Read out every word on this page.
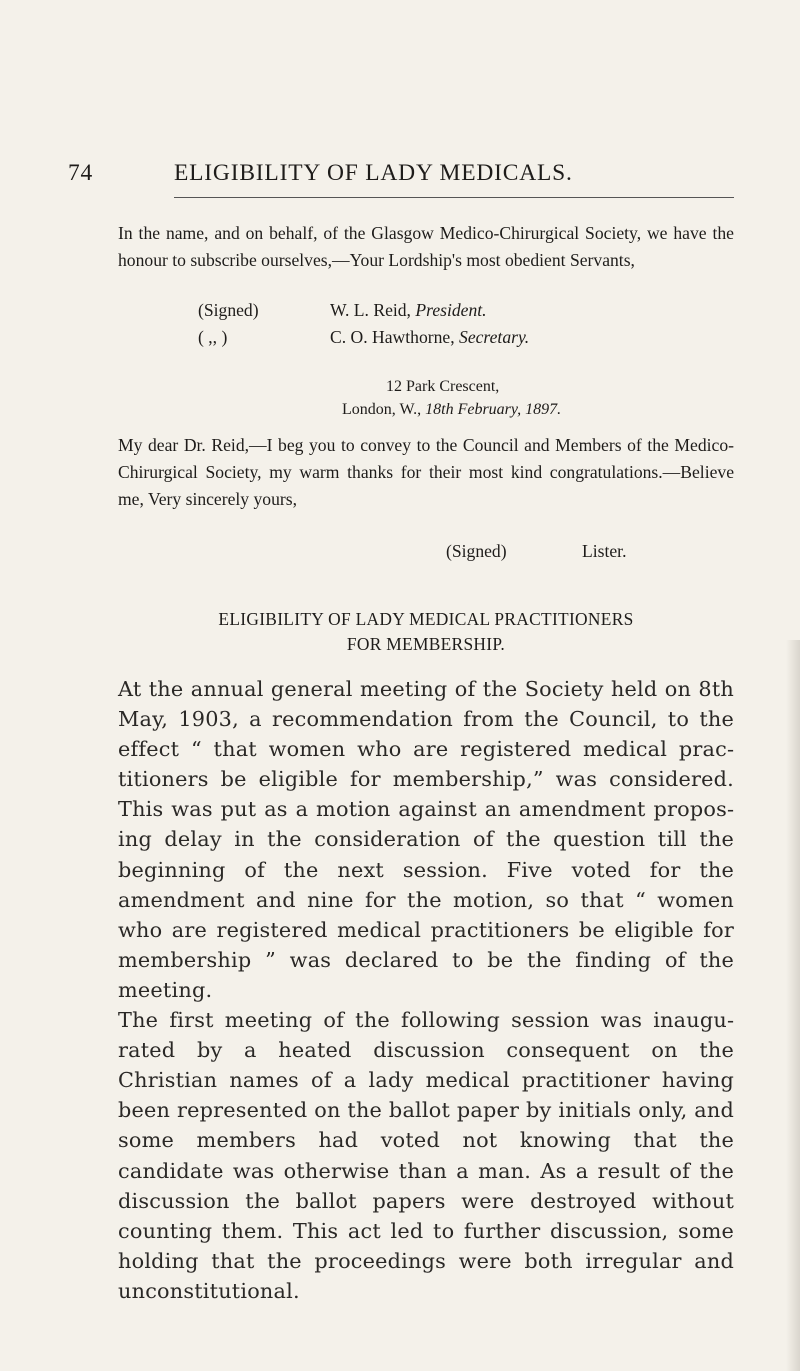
74	ELIGIBILITY OF LADY MEDICALS.

In the name, and on behalf, of the Glasgow Medico-Chirurgical Society, we have the honour to subscribe ourselves,—Your Lordship's most obedient Servants,

(Signed)	W. L. Reid, President.
( ,, )	C. O. Hawthorne, Secretary.
12 Park Crescent,
London, W., 18th February, 1897.

My dear Dr. Reid,—I beg you to convey to the Council and Members of the Medico-Chirurgical Society, my warm thanks for their most kind congratulations.—Believe me, Very sincerely yours,

(Signed)	Lister.
ELIGIBILITY OF LADY MEDICAL PRACTITIONERS
FOR MEMBERSHIP.

At the annual general meeting of the Society held on 8th May, 1903, a recommendation from the Council, to the effect “ that women who are registered medical practitioners be eligible for membership,” was considered. This was put as a motion against an amendment proposing delay in the consideration of the question till the beginning of the next session. Five voted for the amendment and nine for the motion, so that “ women who are registered medical practitioners be eligible for membership ” was declared to be the finding of the meeting.

The first meeting of the following session was inaugurated by a heated discussion consequent on the Christian names of a lady medical practitioner having been represented on the ballot paper by initials only, and some members had voted not knowing that the candidate was otherwise than a man. As a result of the discussion the ballot papers were destroyed without counting them. This act led to further discussion, some holding that the proceedings were both irregular and unconstitutional.
